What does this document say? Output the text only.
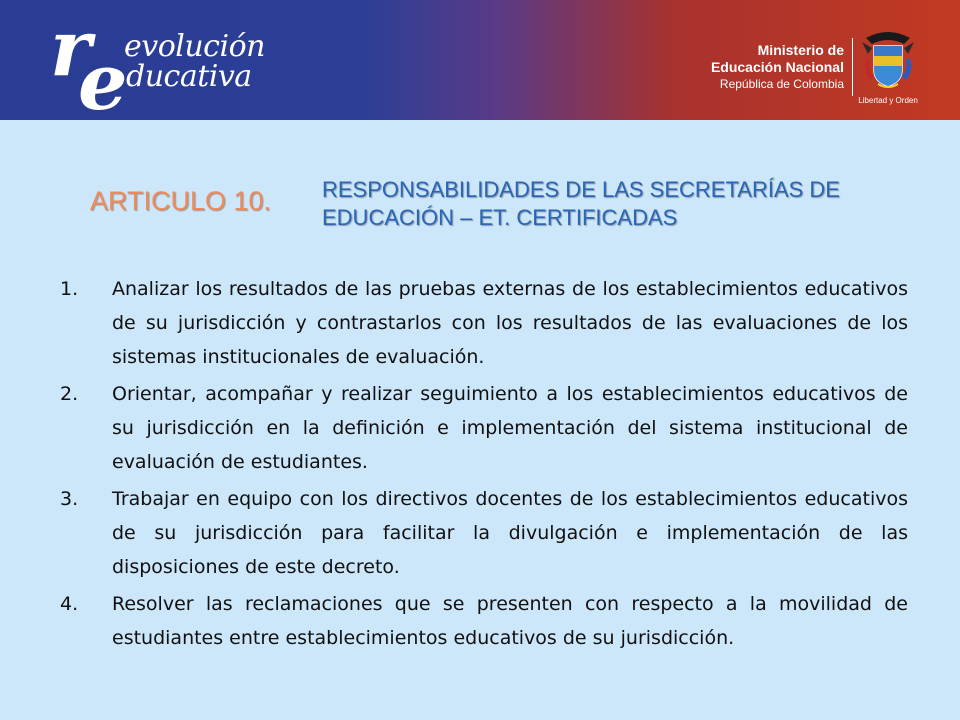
r
e
evolución
ducativa
Ministerio de
Educación Nacional
República de Colombia
Libertad y Orden
ARTICULO 10. RESPONSABILIDADES DE LAS SECRETARÍAS DE
EDUCACIÓN – ET. CERTIFICADAS
1. Analizar los resultados de las pruebas externas de los establecimientos educativos de su jurisdicción y contrastarlos con los resultados de las evaluaciones de los sistemas institucionales de evaluación.
2. Orientar, acompañar y realizar seguimiento a los establecimientos educativos de su jurisdicción en la definición e implementación del sistema institucional de evaluación de estudiantes.
3. Trabajar en equipo con los directivos docentes de los establecimientos educativos de su jurisdicción para facilitar la divulgación e implementación de las disposiciones de este decreto.
4. Resolver las reclamaciones que se presenten con respecto a la movilidad de estudiantes entre establecimientos educativos de su jurisdicción.
